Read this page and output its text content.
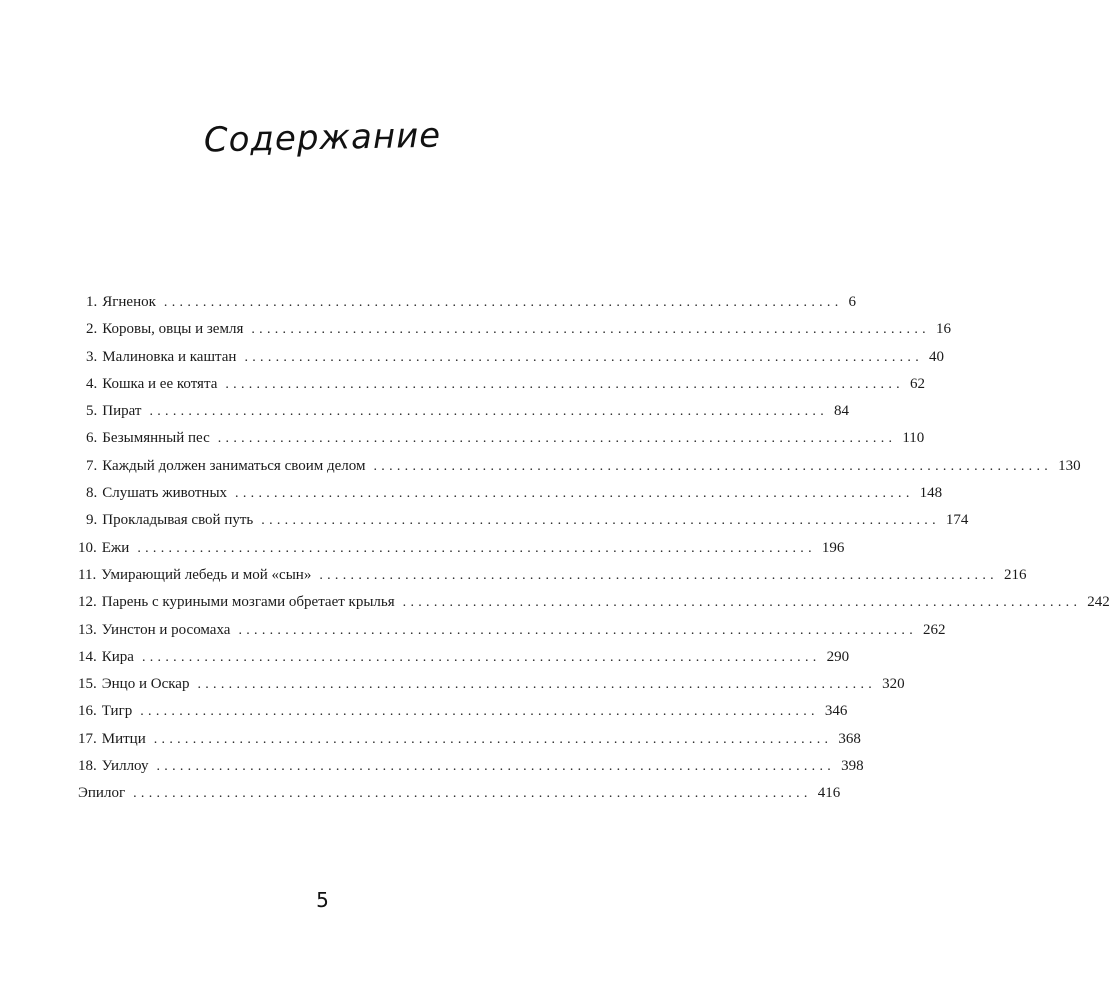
Содержание
1. Ягненок ....................................................................................... 6
2. Коровы, овцы и земля ....................................................................................... 16
3. Малиновка и каштан ....................................................................................... 40
4. Кошка и ее котята ....................................................................................... 62
5. Пират ....................................................................................... 84
6. Безымянный пес ....................................................................................... 110
7. Каждый должен заниматься своим делом ....................................................................................... 130
8. Слушать животных ....................................................................................... 148
9. Прокладывая свой путь ....................................................................................... 174
10. Ежи ....................................................................................... 196
11. Умирающий лебедь и мой «сын» ....................................................................................... 216
12. Парень с куриными мозгами обретает крылья ....................................................................................... 242
13. Уинстон и росомаха ....................................................................................... 262
14. Кира ....................................................................................... 290
15. Энцо и Оскар ....................................................................................... 320
16. Тигр ....................................................................................... 346
17. Митци ....................................................................................... 368
18. Уиллоу ....................................................................................... 398
Эпилог ....................................................................................... 416
5
